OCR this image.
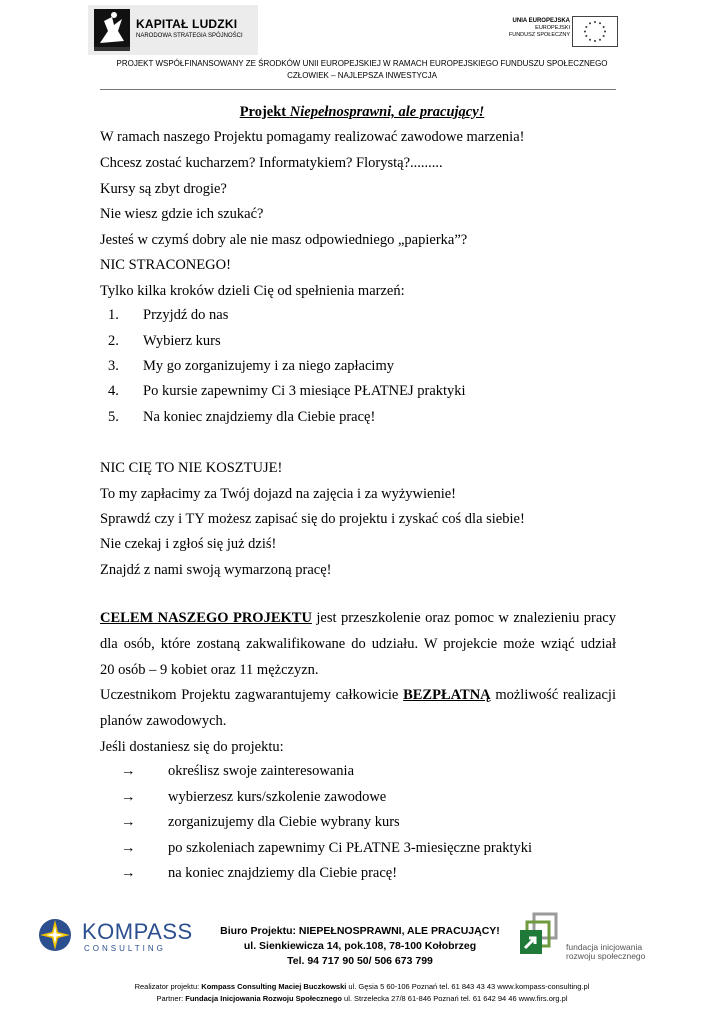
KAPITAŁ LUDZKI
NARODOWA STRATEGIA SPÓJNOŚCI
UNIA EUROPEJSKA
EUROPEJSKI
FUNDUSZ SPOŁECZNY
PROJEKT WSPÓŁFINANSOWANY ZE ŚRODKÓW UNII EUROPEJSKIEJ W RAMACH EUROPEJSKIEGO FUNDUSZU SPOŁECZNEGO
CZŁOWIEK – NAJLEPSZA INWESTYCJA
Projekt Niepełnosprawni, ale pracujący!
W ramach naszego Projektu pomagamy realizować zawodowe marzenia!
Chcesz zostać kucharzem? Informatykiem? Florystą?.........
Kursy są zbyt drogie?
Nie wiesz gdzie ich szukać?
Jesteś w czymś dobry ale nie masz odpowiedniego „papierka”?
NIC STRACONEGO!
Tylko kilka kroków dzieli Cię od spełnienia marzeń:
1.	Przyjdź do nas
2.	Wybierz kurs
3.	My go zorganizujemy i za niego zapłacimy
4.	Po kursie zapewnimy Ci 3 miesiące PŁATNEJ praktyki
5.	Na koniec znajdziemy dla Ciebie pracę!
NIC CIĘ TO NIE KOSZTUJE!
To my zapłacimy za Twój dojazd na zajęcia i za wyżywienie!
Sprawdź czy i TY możesz zapisać się do projektu i zyskać coś dla siebie!
Nie czekaj i zgłoś się już dziś!
Znajdź z nami swoją wymarzoną pracę!
CELEM NASZEGO PROJEKTU jest przeszkolenie oraz pomoc w znalezieniu pracy
dla osób, które zostaną zakwalifikowane do udziału. W projekcie może wziąć udział
20 osób – 9 kobiet oraz 11 mężczyzn.
Uczestnikom Projektu zagwarantujemy całkowicie BEZPŁATNĄ możliwość realizacji
planów zawodowych.
Jeśli dostaniesz się do projektu:
→ określisz swoje zainteresowania
→ wybierzesz kurs/szkolenie zawodowe
→ zorganizujemy dla Ciebie wybrany kurs
→ po szkoleniach zapewnimy Ci PŁATNE 3-miesięczne praktyki
→ na koniec znajdziemy dla Ciebie pracę!
KOMPASS
CONSULTING
Biuro Projektu: NIEPEŁNOSPRAWNI, ALE PRACUJĄCY!
ul. Sienkiewicza 14, pok.108, 78-100 Kołobrzeg
Tel. 94 717 90 50/ 506 673 799
fundacja inicjowania
rozwoju społecznego
Realizator projektu: Kompass Consulting Maciej Buczkowski ul. Gęsia 5 60-106 Poznań tel. 61 843 43 43 www.kompass-consulting.pl
Partner: Fundacja Inicjowania Rozwoju Społecznego ul. Strzelecka 27/8 61-846 Poznań tel. 61 642 94 46 www.firs.org.pl
